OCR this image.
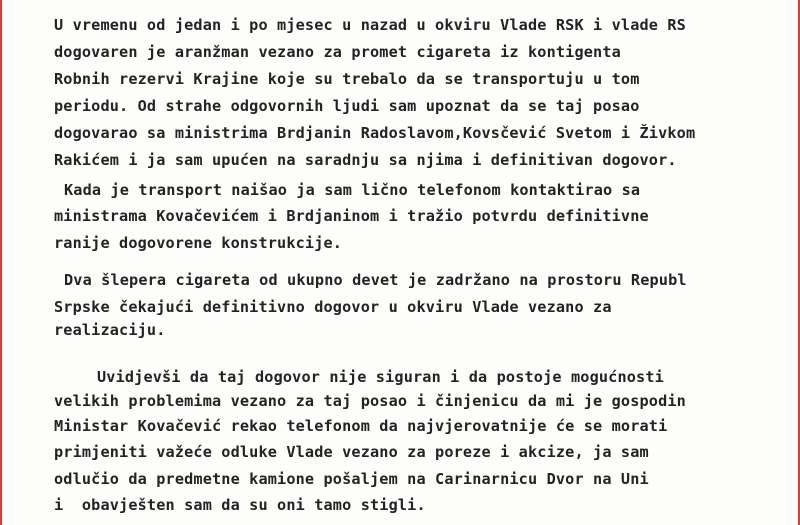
U vremenu od jedan i po mjesec u nazad u okviru Vlade RSK i vlade RS
dogovaren je aranžman vezano za promet cigareta iz kontigenta
Robnih rezervi Krajine koje su trebalo da se transportuju u tom
periodu. Od strahe odgovornih ljudi sam upoznat da se taj posao
dogovarao sa ministrima Brdjanin Radoslavom,Kovsčević Svetom i Živkom
Rakićem i ja sam upućen na saradnju sa njima i definitivan dogovor.
Kada je transport naišao ja sam lično telefonom kontaktirao sa
ministrama Kovačevićem i Brdjaninom i tražio potvrdu definitivne
ranije dogovorene konstrukcije.
Dva šlepera cigareta od ukupno devet je zadržano na prostoru Republ
Srpske čekajući definitivno dogovor u okviru Vlade vezano za
realizaciju.
Uvidjevši da taj dogovor nije siguran i da postoje mogućnosti
velikih problemima vezano za taj posao i činjenicu da mi je gospodin
Ministar Kovačević rekao telefonom da najvjerovatnije će se morati
primjeniti važeće odluke Vlade vezano za poreze i akcize, ja sam
odlučio da predmetne kamione pošaljem na Carinarnicu Dvor na Uni
i  obavješten sam da su oni tamo stigli.
